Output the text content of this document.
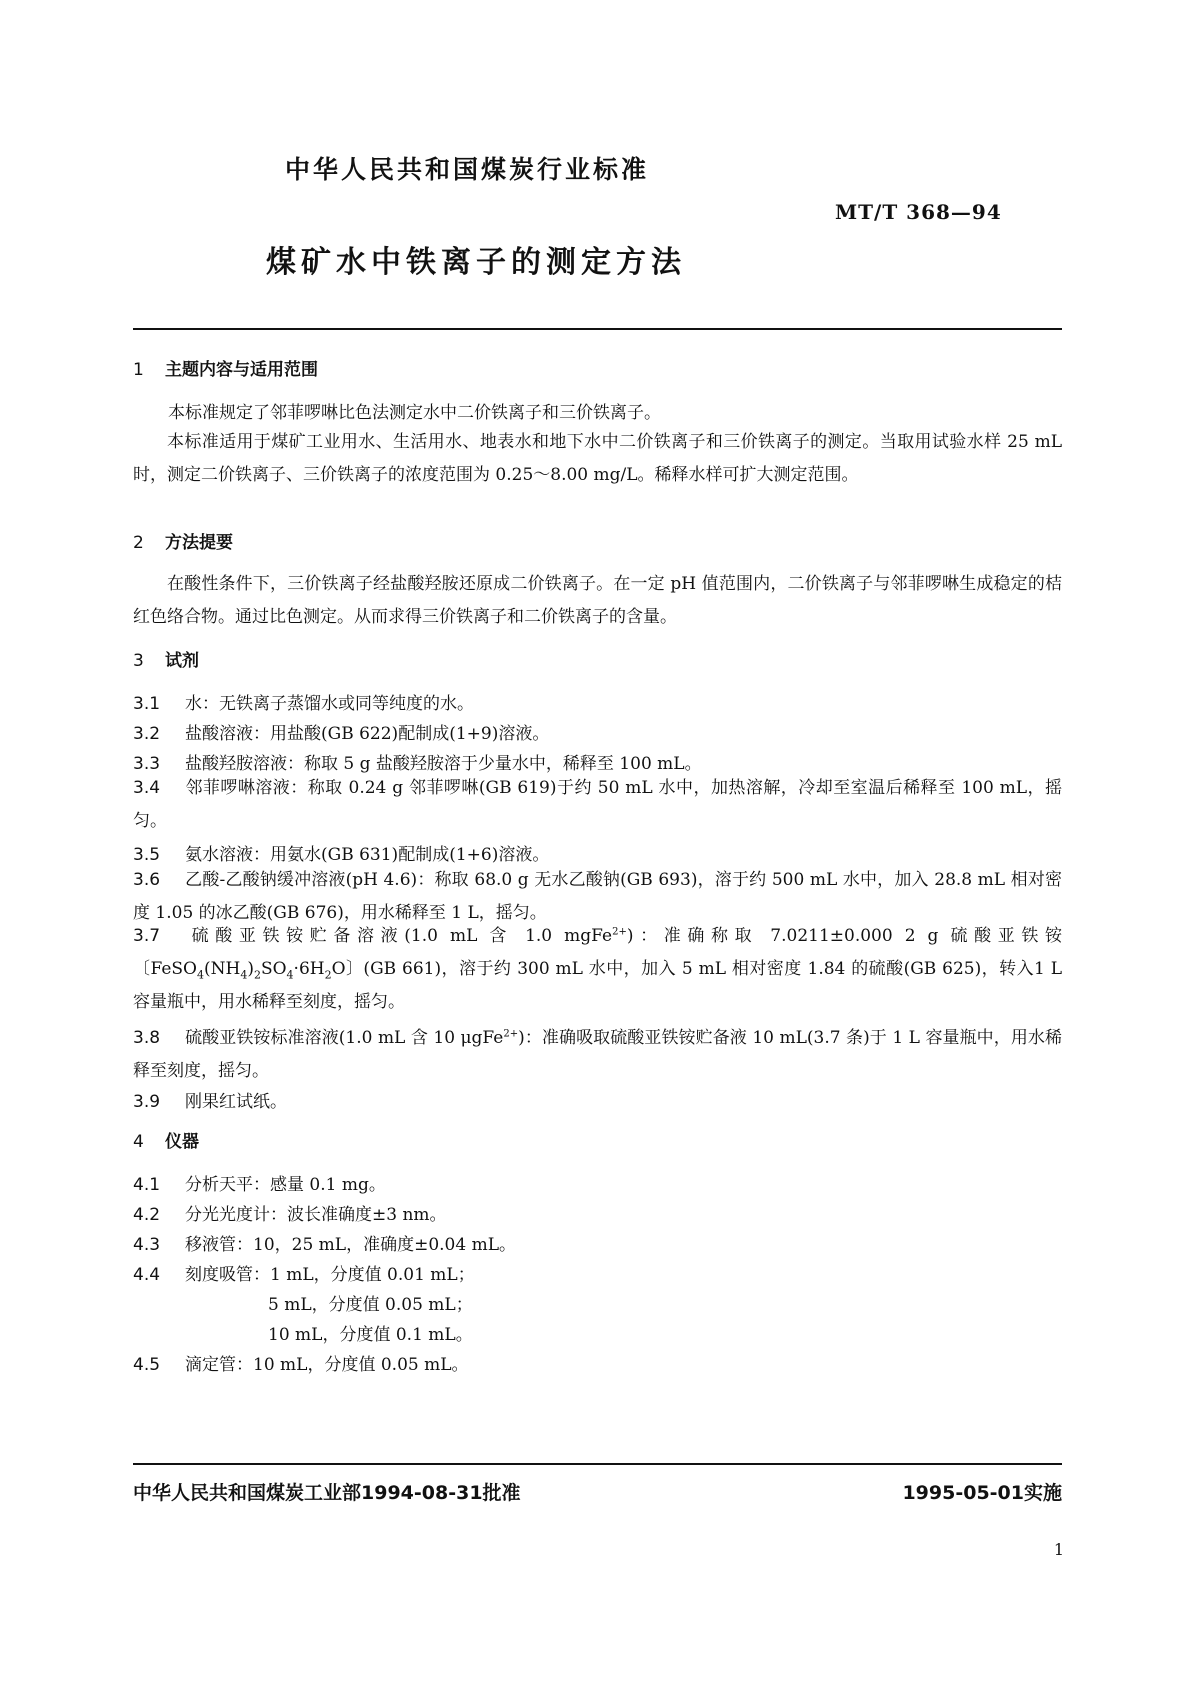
中华人民共和国煤炭行业标准
MT/T 368—94
煤矿水中铁离子的测定方法
1 主题内容与适用范围
本标准规定了邻菲啰啉比色法测定水中二价铁离子和三价铁离子。
本标准适用于煤矿工业用水、生活用水、地表水和地下水中二价铁离子和三价铁离子的测定。当取用试验水样 25 mL 时，测定二价铁离子、三价铁离子的浓度范围为 0.25～8.00 mg/L。稀释水样可扩大测定范围。
2 方法提要
在酸性条件下，三价铁离子经盐酸羟胺还原成二价铁离子。在一定 pH 值范围内，二价铁离子与邻菲啰啉生成稳定的桔红色络合物。通过比色测定。从而求得三价铁离子和二价铁离子的含量。
3 试剂
3.1 水：无铁离子蒸馏水或同等纯度的水。
3.2 盐酸溶液：用盐酸(GB 622)配制成(1+9)溶液。
3.3 盐酸羟胺溶液：称取 5 g 盐酸羟胺溶于少量水中，稀释至 100 mL。
3.4 邻菲啰啉溶液：称取 0.24 g 邻菲啰啉(GB 619)于约 50 mL 水中，加热溶解，冷却至室温后稀释至 100 mL，摇匀。
3.5 氨水溶液：用氨水(GB 631)配制成(1+6)溶液。
3.6 乙酸-乙酸钠缓冲溶液(pH 4.6)：称取 68.0 g 无水乙酸钠(GB 693)，溶于约 500 mL 水中，加入 28.8 mL 相对密度 1.05 的冰乙酸(GB 676)，用水稀释至 1 L，摇匀。
3.7 硫酸亚铁铵贮备溶液(1.0 mL 含 1.0 mgFe$^{2+}$)：准确称取 7.0211±0.000 2 g 硫酸亚铁铵〔$FeSO_4(NH_4)_2SO_4\cdot 6H_2O$〕(GB 661)，溶于约 300 mL 水中，加入 5 mL 相对密度 1.84 的硫酸(GB 625)，转入1 L容量瓶中，用水稀释至刻度，摇匀。
3.8 硫酸亚铁铵标准溶液(1.0 mL 含 10 μgFe$^{2+}$)：准确吸取硫酸亚铁铵贮备液 10 mL(3.7 条)于 1 L 容量瓶中，用水稀释至刻度，摇匀。
3.9 刚果红试纸。
4 仪器
4.1 分析天平：感量 0.1 mg。
4.2 分光光度计：波长准确度±3 nm。
4.3 移液管：10，25 mL，准确度±0.04 mL。
4.4 刻度吸管：1 mL，分度值 0.01 mL；
5 mL，分度值 0.05 mL；
10 mL，分度值 0.1 mL。
4.5 滴定管：10 mL，分度值 0.05 mL。
中华人民共和国煤炭工业部1994-08-31批准	1995-05-01实施
1
